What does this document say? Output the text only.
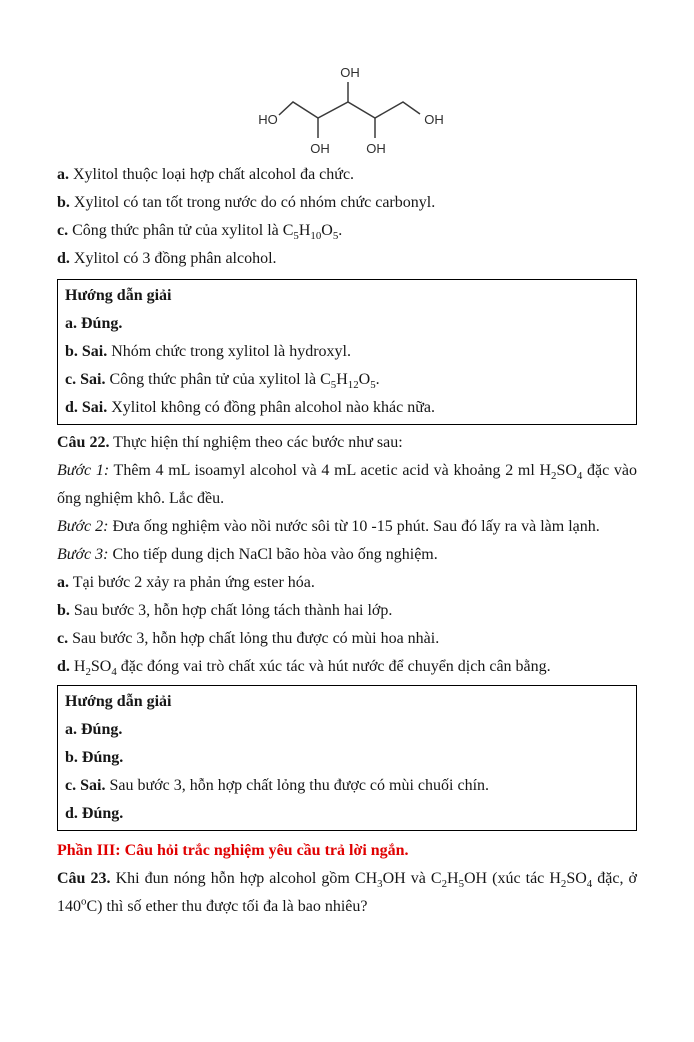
HO
OH
OH
OH	OH

a. Xylitol thuộc loại hợp chất alcohol đa chức.

b. Xylitol có tan tốt trong nước do có nhóm chức carbonyl.

c. Công thức phân tử của xylitol là $C_5H_{10}O_5$.

d. Xylitol có 3 đồng phân alcohol.

Hướng dẫn giải

a. Đúng.

b. Sai. Nhóm chức trong xylitol là hydroxyl.

c. Sai. Công thức phân tử của xylitol là $C_5H_{12}O_5$.

d. Sai. Xylitol không có đồng phân alcohol nào khác nữa.

Câu 22. Thực hiện thí nghiệm theo các bước như sau:

Bước 1: Thêm 4 mL isoamyl alcohol và 4 mL acetic acid và khoảng 2 ml $H_2SO_4$ đặc vào ống nghiệm khô. Lắc đều.

Bước 2: Đưa ống nghiệm vào nồi nước sôi từ 10 -15 phút. Sau đó lấy ra và làm lạnh.

Bước 3: Cho tiếp dung dịch NaCl bão hòa vào ống nghiệm.

a. Tại bước 2 xảy ra phản ứng ester hóa.

b. Sau bước 3, hỗn hợp chất lỏng tách thành hai lớp.

c. Sau bước 3, hỗn hợp chất lỏng thu được có mùi hoa nhài.

d. $H_2SO_4$ đặc đóng vai trò chất xúc tác và hút nước để chuyển dịch cân bằng.

Hướng dẫn giải

a. Đúng.

b. Đúng.

c. Sai. Sau bước 3, hỗn hợp chất lỏng thu được có mùi chuối chín.

d. Đúng.

Phần III: Câu hỏi trắc nghiệm yêu cầu trả lời ngắn.

Câu 23. Khi đun nóng hỗn hợp alcohol gồm $CH_3OH$ và $C_2H_5OH$ (xúc tác $H_2SO_4$ đặc, ở 140$^o$C) thì số ether thu được tối đa là bao nhiêu?
